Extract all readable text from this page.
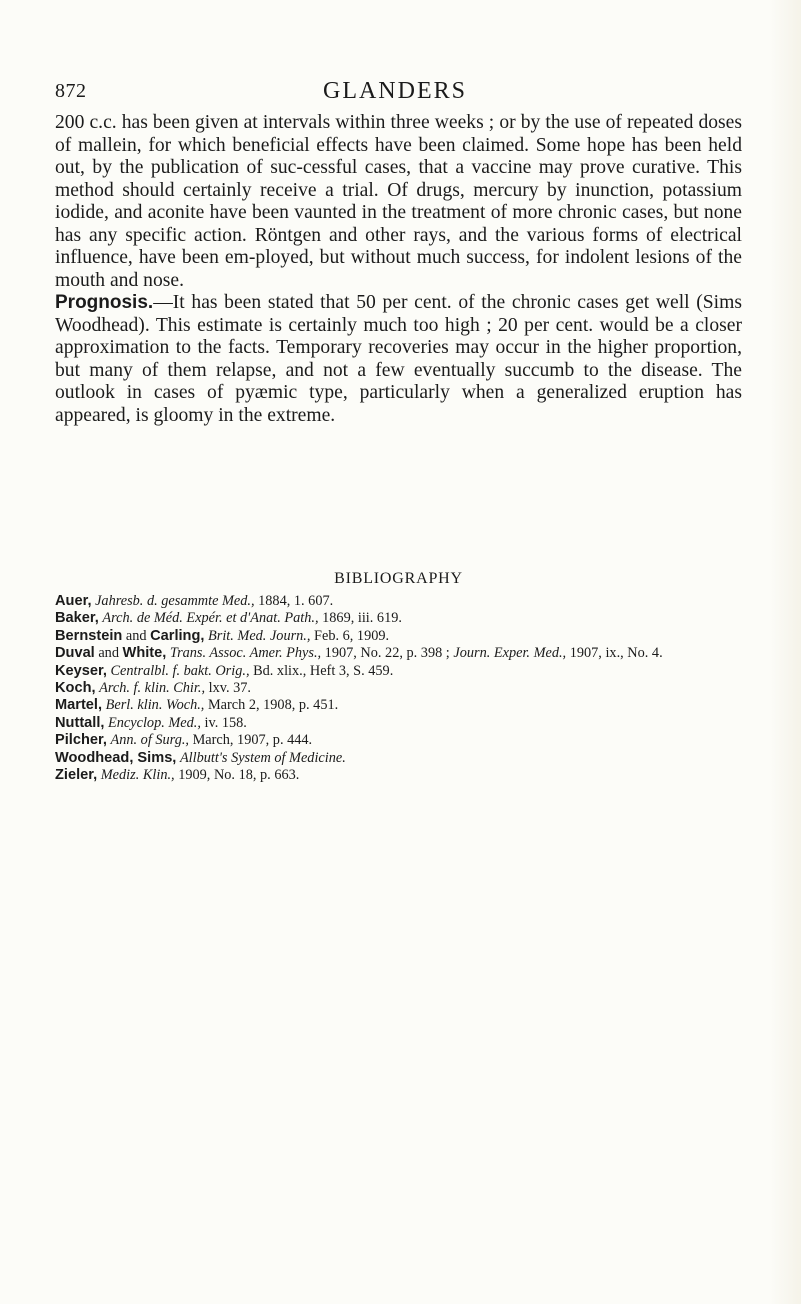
872	GLANDERS

200 c.c. has been given at intervals within three weeks ; or by the use of repeated doses of mallein, for which beneficial effects have been claimed. Some hope has been held out, by the publication of suc-cessful cases, that a vaccine may prove curative. This method should certainly receive a trial. Of drugs, mercury by inunction, potassium iodide, and aconite have been vaunted in the treatment of more chronic cases, but none has any specific action. Röntgen and other rays, and the various forms of electrical influence, have been em-ployed, but without much success, for indolent lesions of the mouth and nose.

Prognosis.—It has been stated that 50 per cent. of the chronic cases get well (Sims Woodhead). This estimate is certainly much too high ; 20 per cent. would be a closer approximation to the facts. Temporary recoveries may occur in the higher proportion, but many of them relapse, and not a few eventually succumb to the disease. The outlook in cases of pyæmic type, particularly when a generalized eruption has appeared, is gloomy in the extreme.

BIBLIOGRAPHY
Auer, Jahresb. d. gesammte Med., 1884, 1. 607.
Baker, Arch. de Méd. Expér. et d'Anat. Path., 1869, iii. 619.
Bernstein and Carling, Brit. Med. Journ., Feb. 6, 1909.
Duval and White, Trans. Assoc. Amer. Phys., 1907, No. 22, p. 398 ; Journ. Exper. Med., 1907, ix., No. 4.
Keyser, Centralbl. f. bakt. Orig., Bd. xlix., Heft 3, S. 459.
Koch, Arch. f. klin. Chir., lxv. 37.
Martel, Berl. klin. Woch., March 2, 1908, p. 451.
Nuttall, Encyclop. Med., iv. 158.
Pilcher, Ann. of Surg., March, 1907, p. 444.
Woodhead, Sims, Allbutt's System of Medicine.
Zieler, Mediz. Klin., 1909, No. 18, p. 663.
